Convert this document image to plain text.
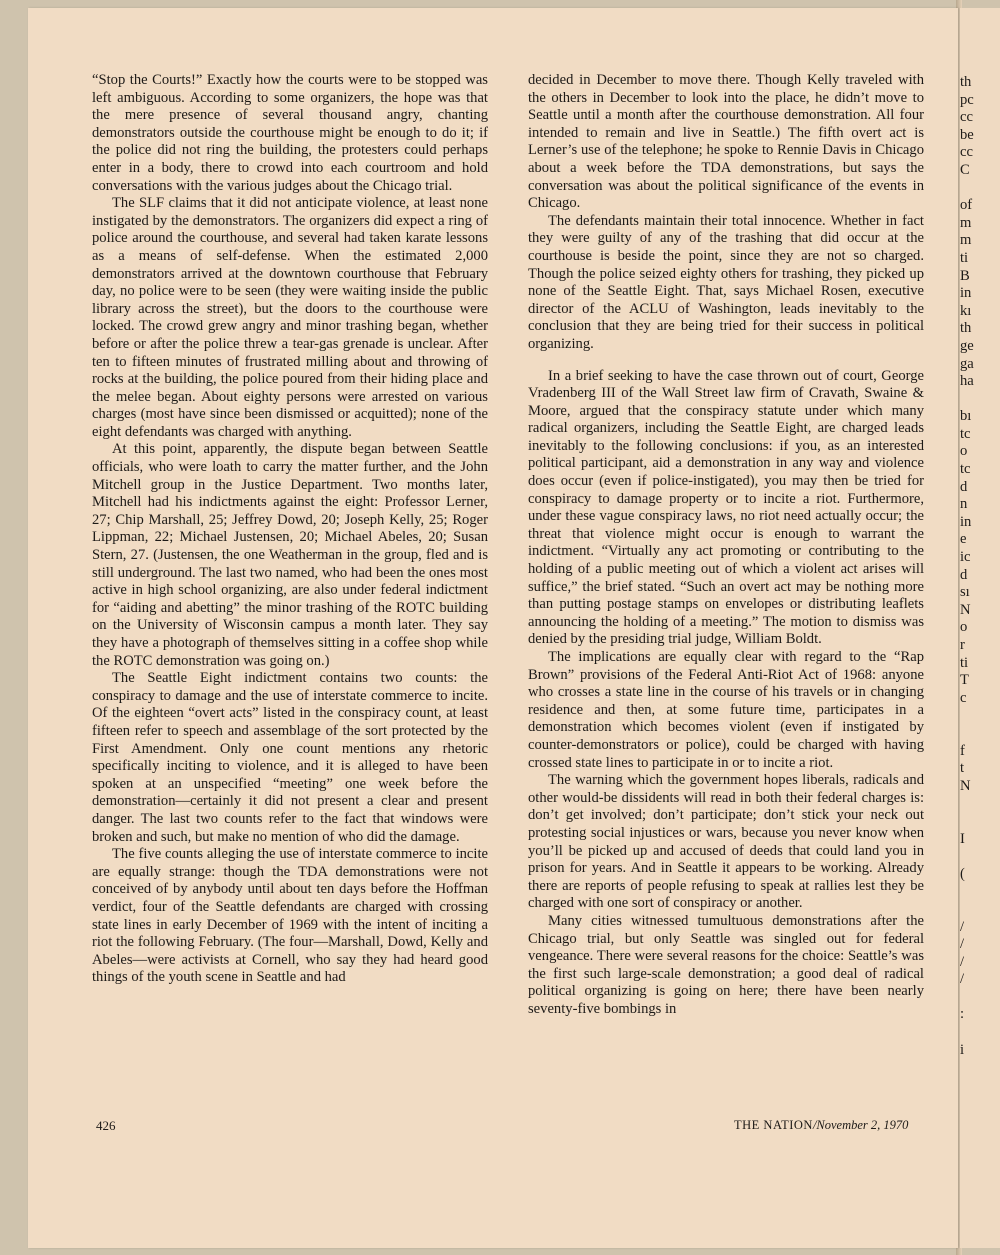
th
pc
cc
be
cc
C
of
m
m
ti
B
in
kı
th
ge
ga
ha
bı
tc
o
tc
d
n
in
e
ic
d
sı
N
o
r
ti
T
c
f
t
N
I
(
/
/
/
/
:
i

“Stop the Courts!” Exactly how the courts were to be stopped was left ambiguous. According to some organizers, the hope was that the mere presence of several thousand angry, chanting demonstrators outside the courthouse might be enough to do it; if the police did not ring the building, the protesters could perhaps enter in a body, there to crowd into each courtroom and hold conversations with the various judges about the Chicago trial.

The SLF claims that it did not anticipate violence, at least none instigated by the demonstrators. The organizers did expect a ring of police around the courthouse, and several had taken karate lessons as a means of self-defense. When the estimated 2,000 demonstrators arrived at the downtown courthouse that February day, no police were to be seen (they were waiting inside the public library across the street), but the doors to the courthouse were locked. The crowd grew angry and minor trashing began, whether before or after the police threw a tear-gas grenade is unclear. After ten to fifteen minutes of frustrated milling about and throwing of rocks at the building, the police poured from their hiding place and the melee began. About eighty persons were arrested on various charges (most have since been dismissed or acquitted); none of the eight defendants was charged with anything.

At this point, apparently, the dispute began between Seattle officials, who were loath to carry the matter further, and the John Mitchell group in the Justice Department. Two months later, Mitchell had his indictments against the eight: Professor Lerner, 27; Chip Marshall, 25; Jeffrey Dowd, 20; Joseph Kelly, 25; Roger Lippman, 22; Michael Justensen, 20; Michael Abeles, 20; Susan Stern, 27. (Justensen, the one Weatherman in the group, fled and is still underground. The last two named, who had been the ones most active in high school organizing, are also under federal indictment for “aiding and abetting” the minor trashing of the ROTC building on the University of Wisconsin campus a month later. They say they have a photograph of themselves sitting in a coffee shop while the ROTC demonstration was going on.)

The Seattle Eight indictment contains two counts: the conspiracy to damage and the use of interstate commerce to incite. Of the eighteen “overt acts” listed in the conspiracy count, at least fifteen refer to speech and assemblage of the sort protected by the First Amendment. Only one count mentions any rhetoric specifically inciting to violence, and it is alleged to have been spoken at an unspecified “meeting” one week before the demonstration—certainly it did not present a clear and present danger. The last two counts refer to the fact that windows were broken and such, but make no mention of who did the damage.

The five counts alleging the use of interstate commerce to incite are equally strange: though the TDA demonstrations were not conceived of by anybody until about ten days before the Hoffman verdict, four of the Seattle defendants are charged with crossing state lines in early December of 1969 with the intent of inciting a riot the following February. (The four—Marshall, Dowd, Kelly and Abeles—were activists at Cornell, who say they had heard good things of the youth scene in Seattle and had

decided in December to move there. Though Kelly traveled with the others in December to look into the place, he didn’t move to Seattle until a month after the courthouse demonstration. All four intended to remain and live in Seattle.) The fifth overt act is Lerner’s use of the telephone; he spoke to Rennie Davis in Chicago about a week before the TDA demonstrations, but says the conversation was about the political significance of the events in Chicago.

The defendants maintain their total innocence. Whether in fact they were guilty of any of the trashing that did occur at the courthouse is beside the point, since they are not so charged. Though the police seized eighty others for trashing, they picked up none of the Seattle Eight. That, says Michael Rosen, executive director of the ACLU of Washington, leads inevitably to the conclusion that they are being tried for their success in political organizing.

In a brief seeking to have the case thrown out of court, George Vradenberg III of the Wall Street law firm of Cravath, Swaine & Moore, argued that the conspiracy statute under which many radical organizers, including the Seattle Eight, are charged leads inevitably to the following conclusions: if you, as an interested political participant, aid a demonstration in any way and violence does occur (even if police-instigated), you may then be tried for conspiracy to damage property or to incite a riot. Furthermore, under these vague conspiracy laws, no riot need actually occur; the threat that violence might occur is enough to warrant the indictment. “Virtually any act promoting or contributing to the holding of a public meeting out of which a violent act arises will suffice,” the brief stated. “Such an overt act may be nothing more than putting postage stamps on envelopes or distributing leaflets announcing the holding of a meeting.” The motion to dismiss was denied by the presiding trial judge, William Boldt.

The implications are equally clear with regard to the “Rap Brown” provisions of the Federal Anti-Riot Act of 1968: anyone who crosses a state line in the course of his travels or in changing residence and then, at some future time, participates in a demonstration which becomes violent (even if instigated by counter-demonstrators or police), could be charged with having crossed state lines to participate in or to incite a riot.

The warning which the government hopes liberals, radicals and other would-be dissidents will read in both their federal charges is: don’t get involved; don’t participate; don’t stick your neck out protesting social injustices or wars, because you never know when you’ll be picked up and accused of deeds that could land you in prison for years. And in Seattle it appears to be working. Already there are reports of people refusing to speak at rallies lest they be charged with one sort of conspiracy or another.

Many cities witnessed tumultuous demonstrations after the Chicago trial, but only Seattle was singled out for federal vengeance. There were several reasons for the choice: Seattle’s was the first such large-scale demonstration; a good deal of radical political organizing is going on here; there have been nearly seventy-five bombings in

426	THE NATION/November 2, 1970
